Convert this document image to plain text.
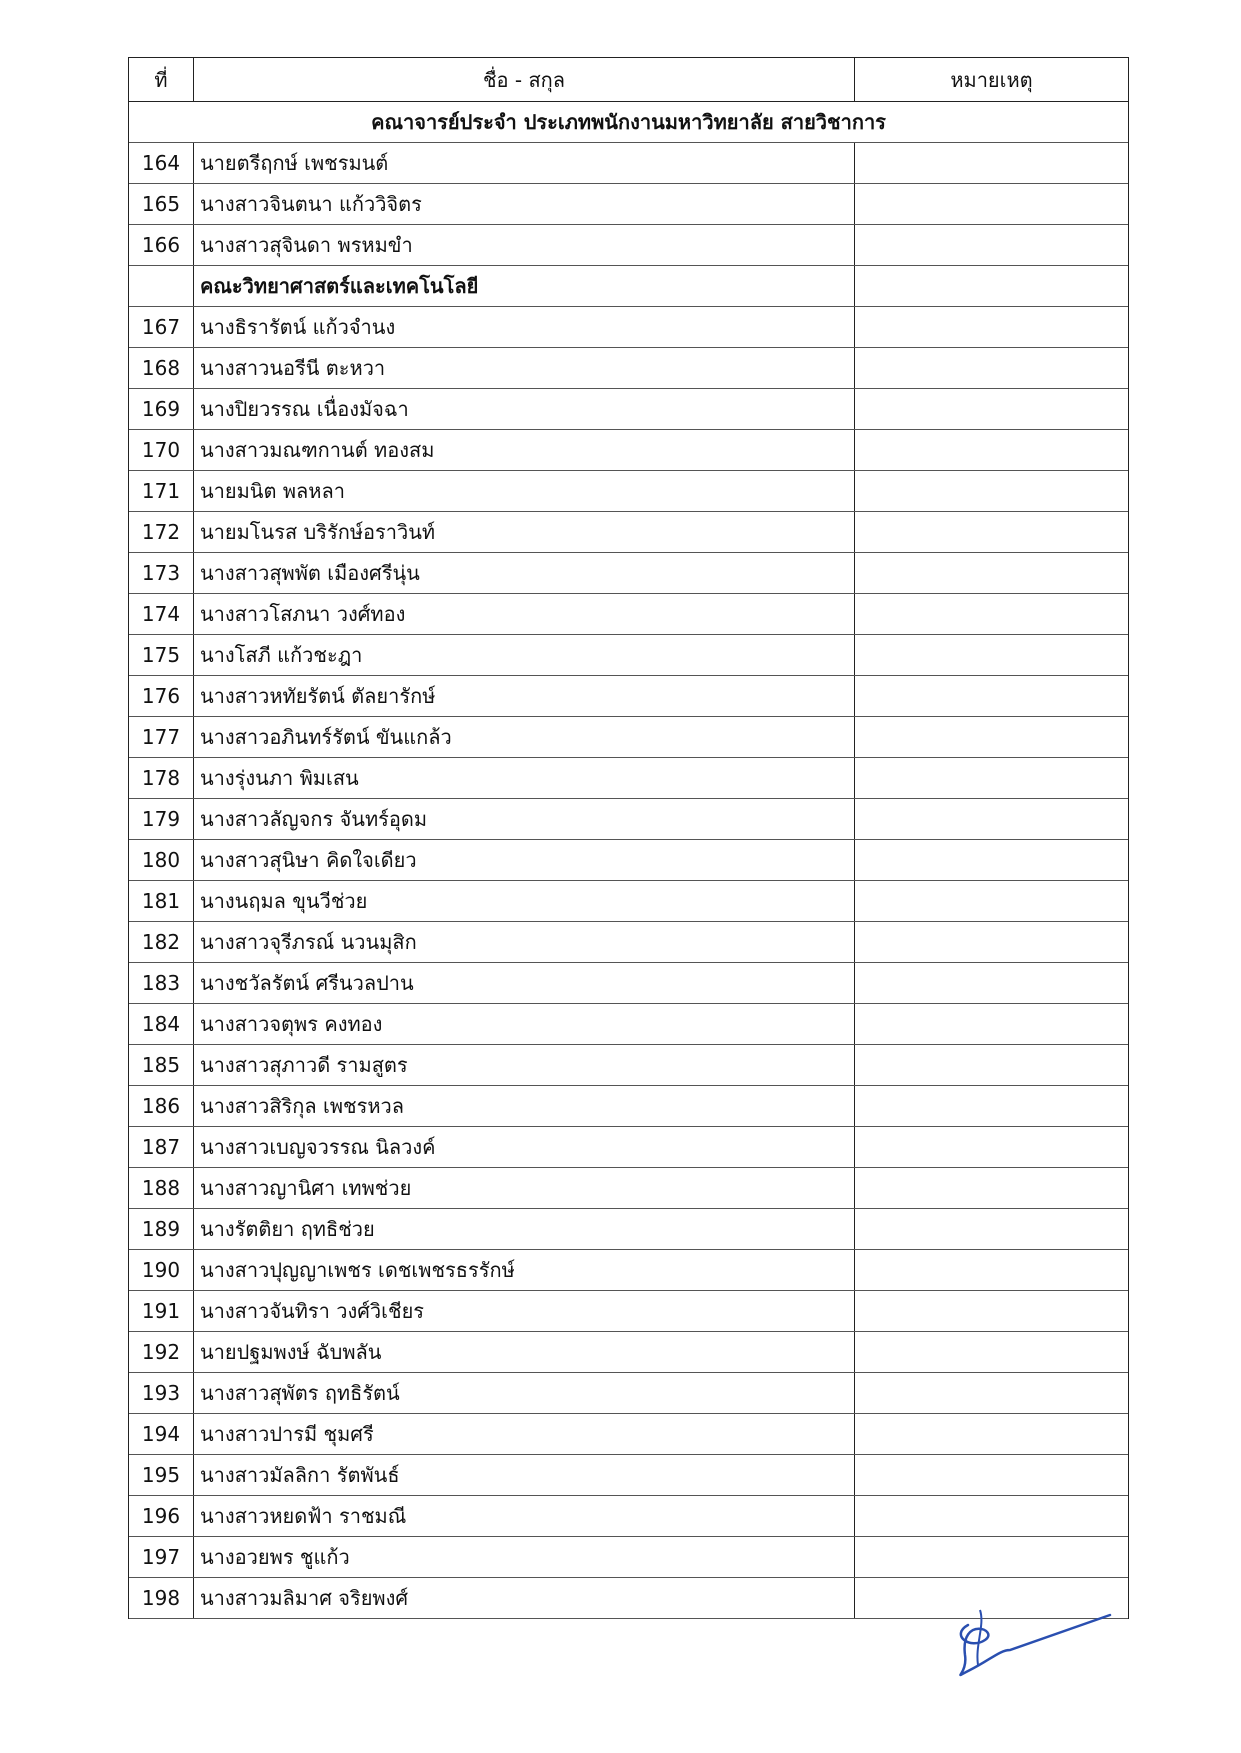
ที่	ชื่อ - สกุล	หมายเหตุ
คณาจารย์ประจำ ประเภทพนักงานมหาวิทยาลัย สายวิชาการ
164 นายตรีฤกษ์ เพชรมนต์
165 นางสาวจินตนา แก้ววิจิตร
166 นางสาวสุจินดา พรหมขำ
คณะวิทยาศาสตร์และเทคโนโลยี
167 นางธิรารัตน์ แก้วจำนง
168 นางสาวนอรีนี ตะหวา
169 นางปิยวรรณ เนื่องมัจฉา
170 นางสาวมณฑกานต์ ทองสม
171 นายมนิต พลหลา
172 นายมโนรส บริรักษ์อราวินท์
173 นางสาวสุพพัต เมืองศรีนุ่น
174 นางสาวโสภนา วงศ์ทอง
175 นางโสภี แก้วชะฎา
176 นางสาวหทัยรัตน์ ตัลยารักษ์
177 นางสาวอภินทร์รัตน์ ขันแกล้ว
178 นางรุ่งนภา พิมเสน
179 นางสาวลัญจกร จันทร์อุดม
180 นางสาวสุนิษา คิดใจเดียว
181 นางนฤมล ขุนวีช่วย
182 นางสาวจุรีภรณ์ นวนมุสิก
183 นางชวัลรัตน์ ศรีนวลปาน
184 นางสาวจตุพร คงทอง
185 นางสาวสุภาวดี รามสูตร
186 นางสาวสิริกุล เพชรหวล
187 นางสาวเบญจวรรณ นิลวงค์
188 นางสาวญานิศา เทพช่วย
189 นางรัตติยา ฤทธิช่วย
190 นางสาวปุญญาเพชร เดชเพชรธรรักษ์
191 นางสาวจันทิรา วงศ์วิเชียร
192 นายปฐมพงษ์ ฉับพลัน
193 นางสาวสุพัตร ฤทธิรัตน์
194 นางสาวปารมี ชุมศรี
195 นางสาวมัลลิกา รัตพันธ์
196 นางสาวหยดฟ้า ราชมณี
197 นางอวยพร ชูแก้ว
198 นางสาวมลิมาศ จริยพงศ์
